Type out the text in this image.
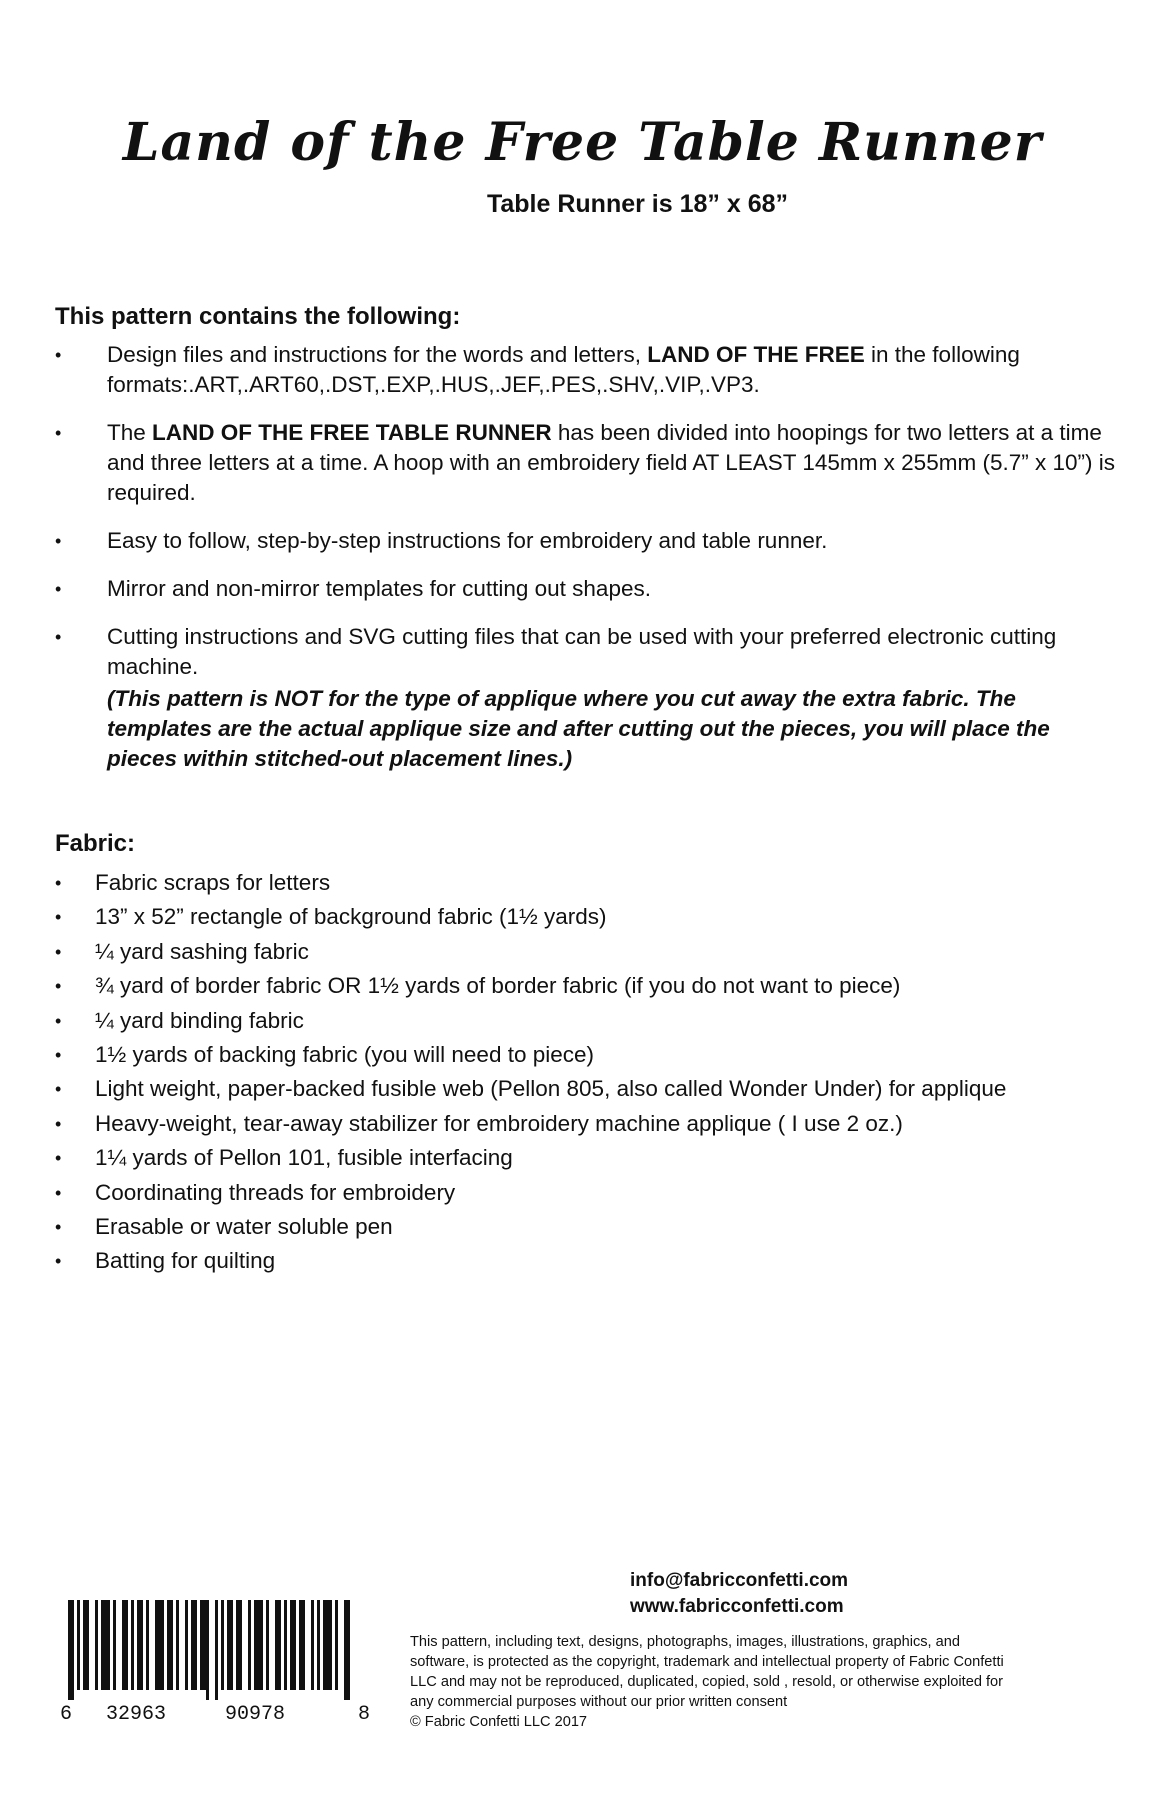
Land of the Free Table Runner

Table Runner is 18” x 68”

This pattern contains the following:
• Design files and instructions for the words and letters, LAND OF THE FREE in the following formats:.ART,.ART60,.DST,.EXP,.HUS,.JEF,.PES,.SHV,.VIP,.VP3.
• The LAND OF THE FREE TABLE RUNNER has been divided into hoopings for two letters at a time and three letters at a time. A hoop with an embroidery field AT LEAST 145mm x 255mm (5.7” x 10”) is required.
• Easy to follow, step-by-step instructions for embroidery and table runner.
• Mirror and non-mirror templates for cutting out shapes.
• Cutting instructions and SVG cutting files that can be used with your preferred electronic cutting machine.
(This pattern is NOT for the type of applique where you cut away the extra fabric. The templates are the actual applique size and after cutting out the pieces, you will place the pieces within stitched-out placement lines.)
Fabric:
• Fabric scraps for letters
• 13” x 52” rectangle of background fabric (1½ yards)
• ¼ yard sashing fabric
• ¾ yard of border fabric OR 1½ yards of border fabric (if you do not want to piece)
• ¼ yard binding fabric
• 1½ yards of backing fabric (you will need to piece)
• Light weight, paper-backed fusible web (Pellon 805, also called Wonder Under) for applique
• Heavy-weight, tear-away stabilizer for embroidery machine applique ( I use 2 oz.)
• 1¼ yards of Pellon 101, fusible interfacing
• Coordinating threads for embroidery
• Erasable or water soluble pen
• Batting for quilting
6 32963	90978	8
info@fabricconfetti.com
www.fabricconfetti.com
This pattern, including text, designs, photographs, images, illustrations, graphics, and
software, is protected as the copyright, trademark and intellectual property of Fabric Confetti
LLC and may not be reproduced, duplicated, copied, sold , resold, or otherwise exploited for
any commercial purposes without our prior written consent
© Fabric Confetti LLC 2017
